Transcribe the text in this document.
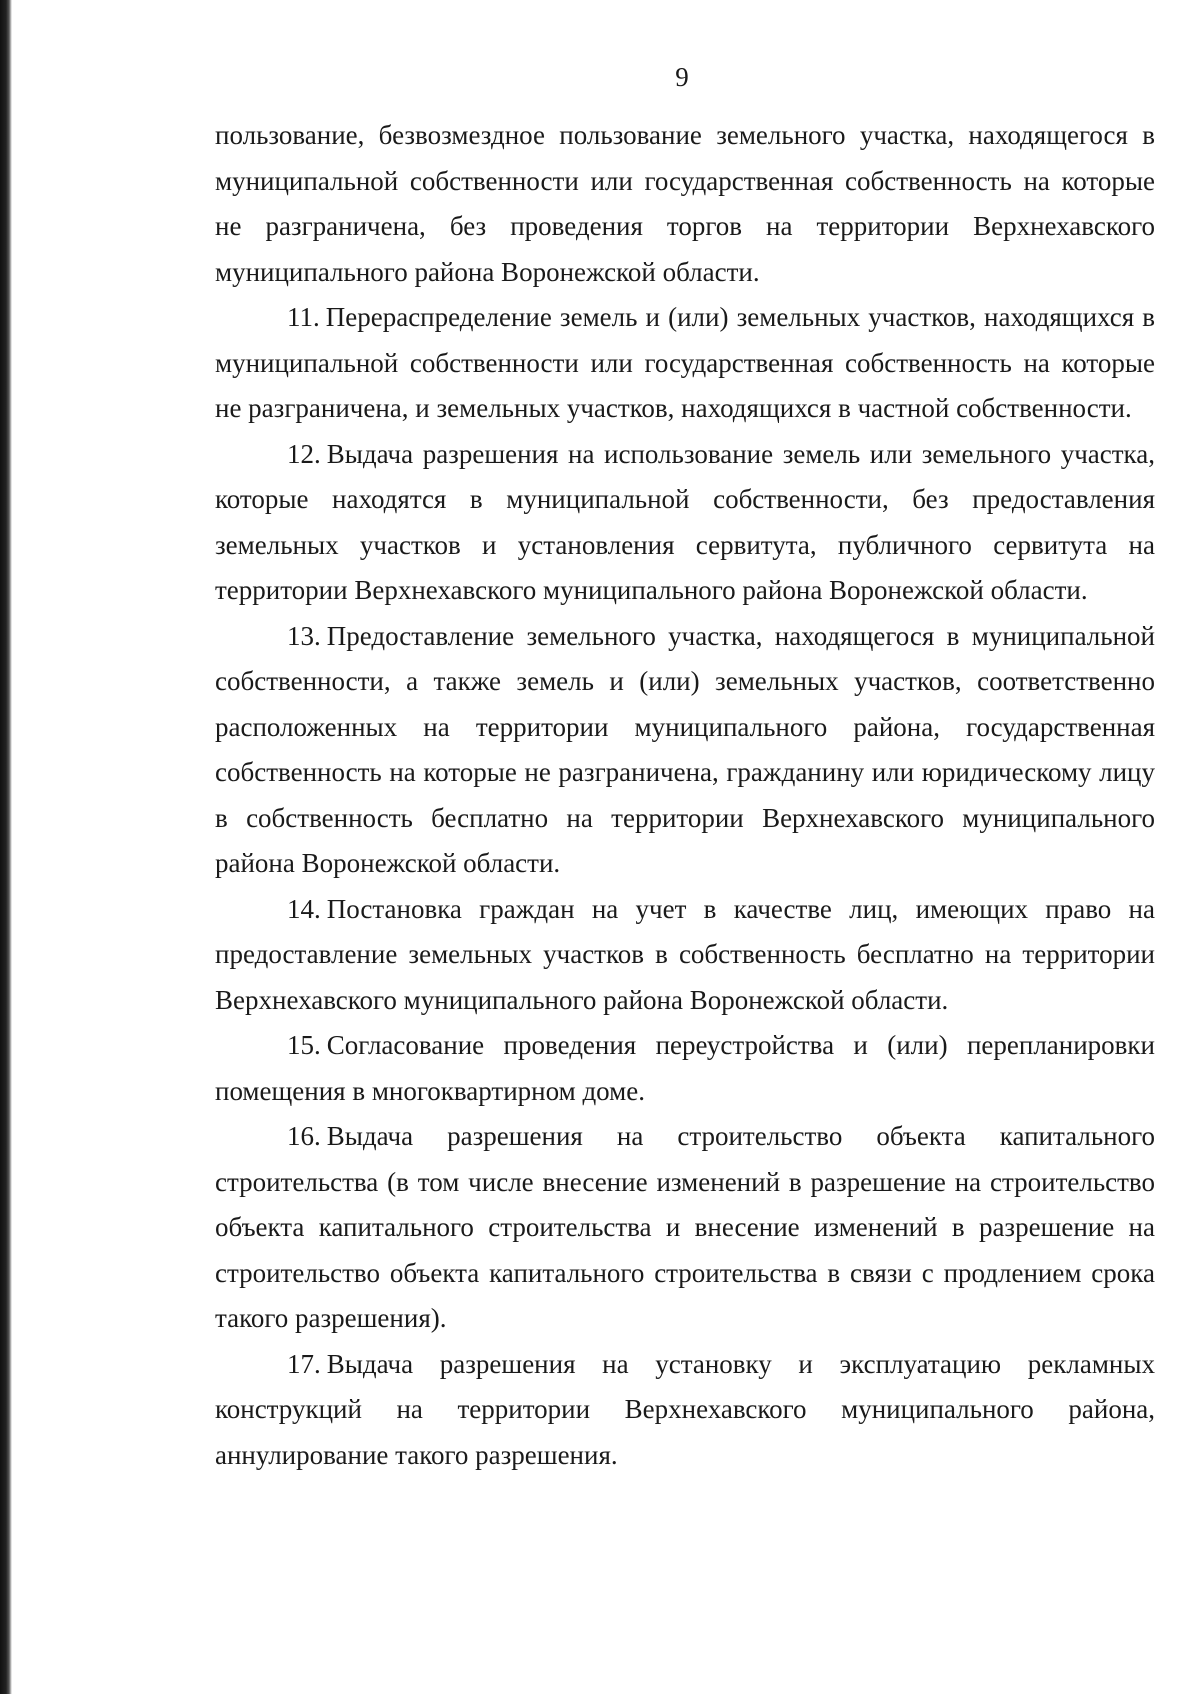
9

пользование, безвозмездное пользование земельного участка, находящегося в муниципальной собственности или государственная собственность на которые не разграничена, без проведения торгов на территории Верхнехавского муниципального района Воронежской области.

11. Перераспределение земель и (или) земельных участков, находящихся в муниципальной собственности или государственная собственность на которые не разграничена, и земельных участков, находящихся в частной собственности.

12. Выдача разрешения на использование земель или земельного участка, которые находятся в муниципальной собственности, без предоставления земельных участков и установления сервитута, публичного сервитута на территории Верхнехавского муниципального района Воронежской области.

13. Предоставление земельного участка, находящегося в муниципальной собственности, а также земель и (или) земельных участков, соответственно расположенных на территории муниципального района, государственная собственность на которые не разграничена, гражданину или юридическому лицу в собственность бесплатно на территории Верхнехавского муниципального района Воронежской области.

14. Постановка граждан на учет в качестве лиц, имеющих право на предоставление земельных участков в собственность бесплатно на территории Верхнехавского муниципального района Воронежской области.

15. Согласование проведения переустройства и (или) перепланировки помещения в многоквартирном доме.

16. Выдача разрешения на строительство объекта капитального строительства (в том числе внесение изменений в разрешение на строительство объекта капитального строительства и внесение изменений в разрешение на строительство объекта капитального строительства в связи с продлением срока такого разрешения).

17. Выдача разрешения на установку и эксплуатацию рекламных конструкций на территории Верхнехавского муниципального района, аннулирование такого разрешения.
